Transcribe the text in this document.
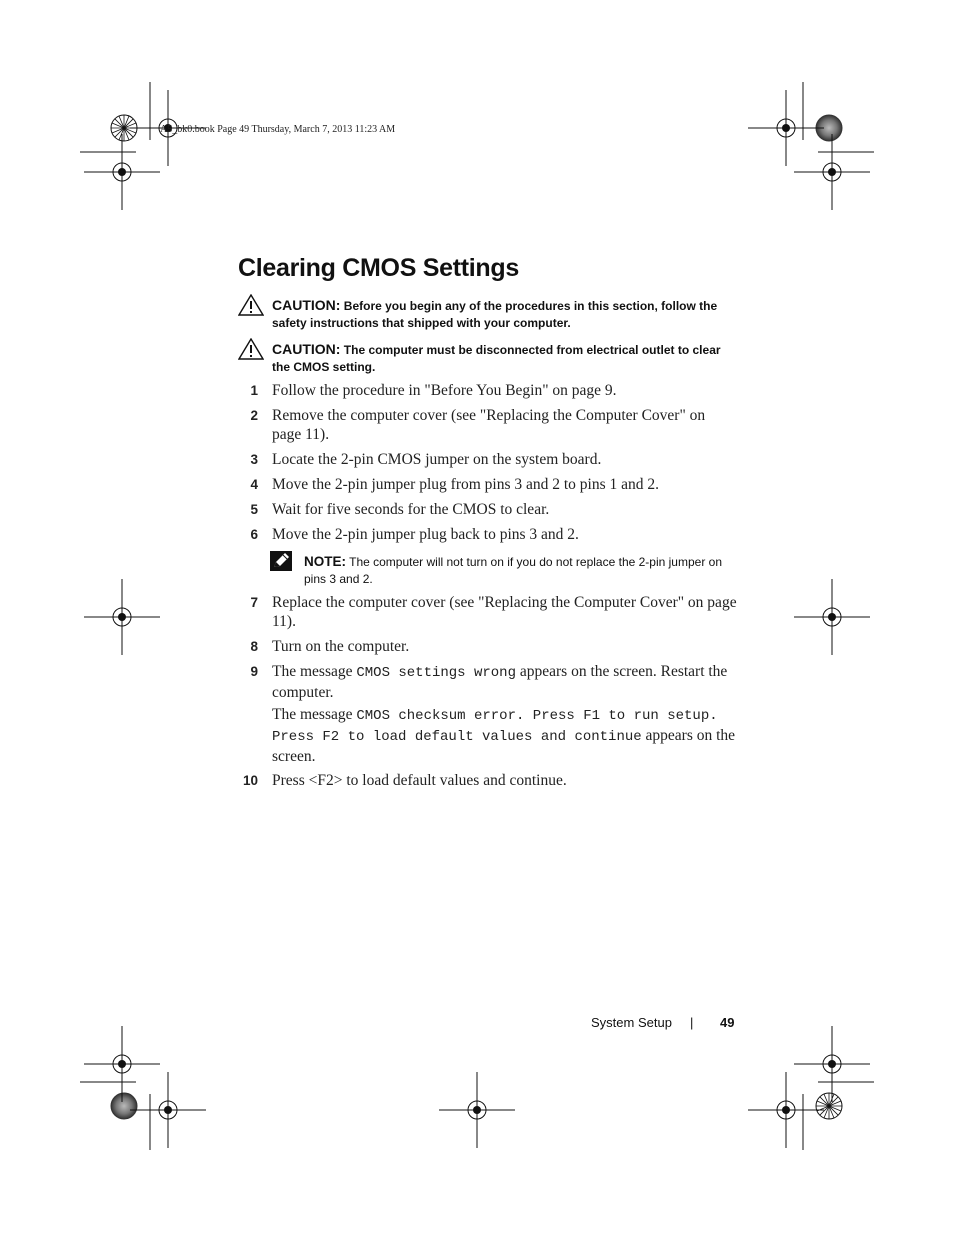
A5_bk0.book Page 49 Thursday, March 7, 2013 11:23 AM
Clearing CMOS Settings
CAUTION: Before you begin any of the procedures in this section, follow the safety instructions that shipped with your computer.
CAUTION: The computer must be disconnected from electrical outlet to clear the CMOS setting.
1 Follow the procedure in "Before You Begin" on page 9.
2 Remove the computer cover (see "Replacing the Computer Cover" on page 11).
3 Locate the 2-pin CMOS jumper on the system board.
4 Move the 2-pin jumper plug from pins 3 and 2 to pins 1 and 2.
5 Wait for five seconds for the CMOS to clear.
6 Move the 2-pin jumper plug back to pins 3 and 2.
NOTE: The computer will not turn on if you do not replace the 2-pin jumper on pins 3 and 2.
7 Replace the computer cover (see "Replacing the Computer Cover" on page 11).
8 Turn on the computer.
9 The message CMOS settings wrong appears on the screen. Restart the computer.
The message CMOS checksum error. Press F1 to run setup. Press F2 to load default values and continue appears on the screen.
10 Press <F2> to load default values and continue.
System Setup | 49
